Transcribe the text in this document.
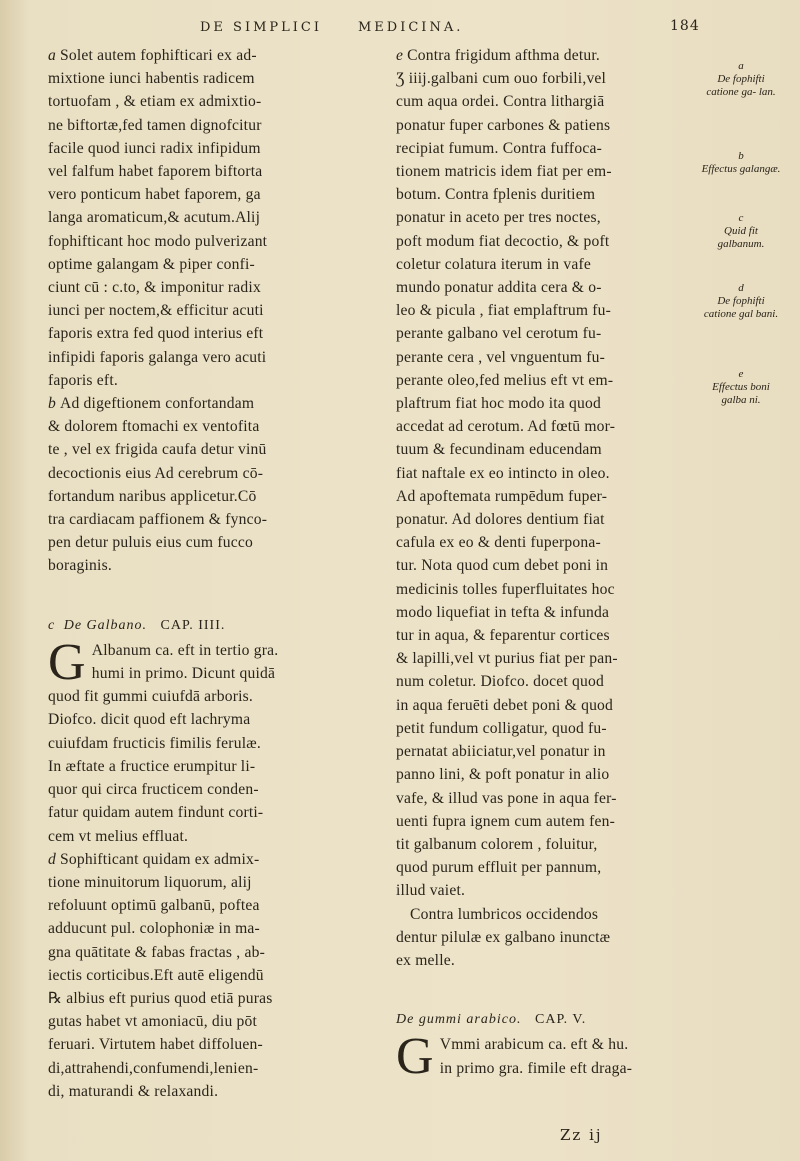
DE SIMPLICI	MEDICINA.	184
a Solet autem fophifticari ex ad-
mixtione iunci habentis radicem
tortuofam , & etiam ex admixtio-
ne biftortæ,fed tamen dignofcitur
facile quod iunci radix infipidum
vel falfum habet faporem biftorta
vero ponticum habet faporem, ga
langa aromaticum,& acutum.Alij
fophifticant hoc modo pulverizant
optime galangam & piper confi-
ciunt cū : c.to, & imponitur radix
iunci per noctem,& efficitur acuti
faporis extra fed quod interius eft
infipidi faporis galanga vero acuti
faporis eft.
b Ad digeftionem confortandam
& dolorem ftomachi ex ventofita
te , vel ex frigida caufa detur vinū
decoctionis eius Ad cerebrum cō-
fortandum naribus applicetur.Cō
tra cardiacam paffionem & fynco-
pen detur puluis eius cum fucco
boraginis.
c De Galbano. CAP. IIII.
G Albanum ca. eft in tertio gra.
humi in primo. Dicunt quidā
quod fit gummi cuiufdā arboris.
Diofco. dicit quod eft lachryma
cuiufdam fructicis fimilis ferulæ.
In æftate a fructice erumpitur li-
quor qui circa fructicem conden-
fatur quidam autem findunt corti-
cem vt melius effluat.
d Sophifticant quidam ex admix-
tione minuitorum liquorum, alij
refoluunt optimū galbanū, poftea
adducunt pul. colophoniæ in ma-
gna quātitate & fabas fractas , ab-
iectis corticibus.Eft autē eligendū
℞ albius eft purius quod etiā puras
gutas habet vt amoniacū, diu pōt
feruari. Virtutem habet diffoluen-
di,attrahendi,confumendi,lenien-
di, maturandi & relaxandi.
e Contra frigidum afthma detur.
Ʒ iiij.galbani cum ouo forbili,vel
cum aqua ordei. Contra lithargiā
ponatur fuper carbones & patiens
recipiat fumum. Contra fuffoca-
tionem matricis idem fiat per em-
botum. Contra fplenis duritiem
ponatur in aceto per tres noctes,
poft modum fiat decoctio, & poft
coletur colatura iterum in vafe
mundo ponatur addita cera & o-
leo & picula , fiat emplaftrum fu-
perante galbano vel cerotum fu-
perante cera , vel vnguentum fu-
perante oleo,fed melius eft vt em-
plaftrum fiat hoc modo ita quod
accedat ad cerotum. Ad fœtū mor-
tuum & fecundinam educendam
fiat naftale ex eo intincto in oleo.
Ad apoftemata rumpēdum fuper-
ponatur. Ad dolores dentium fiat
cafula ex eo & denti fuperpona-
tur. Nota quod cum debet poni in
medicinis tolles fuperfluitates hoc
modo liquefiat in tefta & infunda
tur in aqua, & feparentur cortices
& lapilli,vel vt purius fiat per pan-
num coletur. Diofco. docet quod
in aqua feruēti debet poni & quod
petit fundum colligatur, quod fu-
pernatat abiiciatur,vel ponatur in
panno lini, & poft ponatur in alio
vafe, & illud vas pone in aqua fer-
uenti fupra ignem cum autem fen-
tit galbanum colorem , foluitur,
quod purum effluit per pannum,
illud vaiet.
Contra lumbricos occidendos
dentur pilulæ ex galbano inunctæ
ex melle.
De gummi arabico. CAP. V.
G Vmmi arabicum ca. eft & hu.
in primo gra. fimile eft draga-
Zz ij
a
De fophifti catione ga- lan.
b
Effectus galangæ.
c
Quid fit galbanum.
d
De fophifti catione gal bani.
e
Effectus boni galba ni.
